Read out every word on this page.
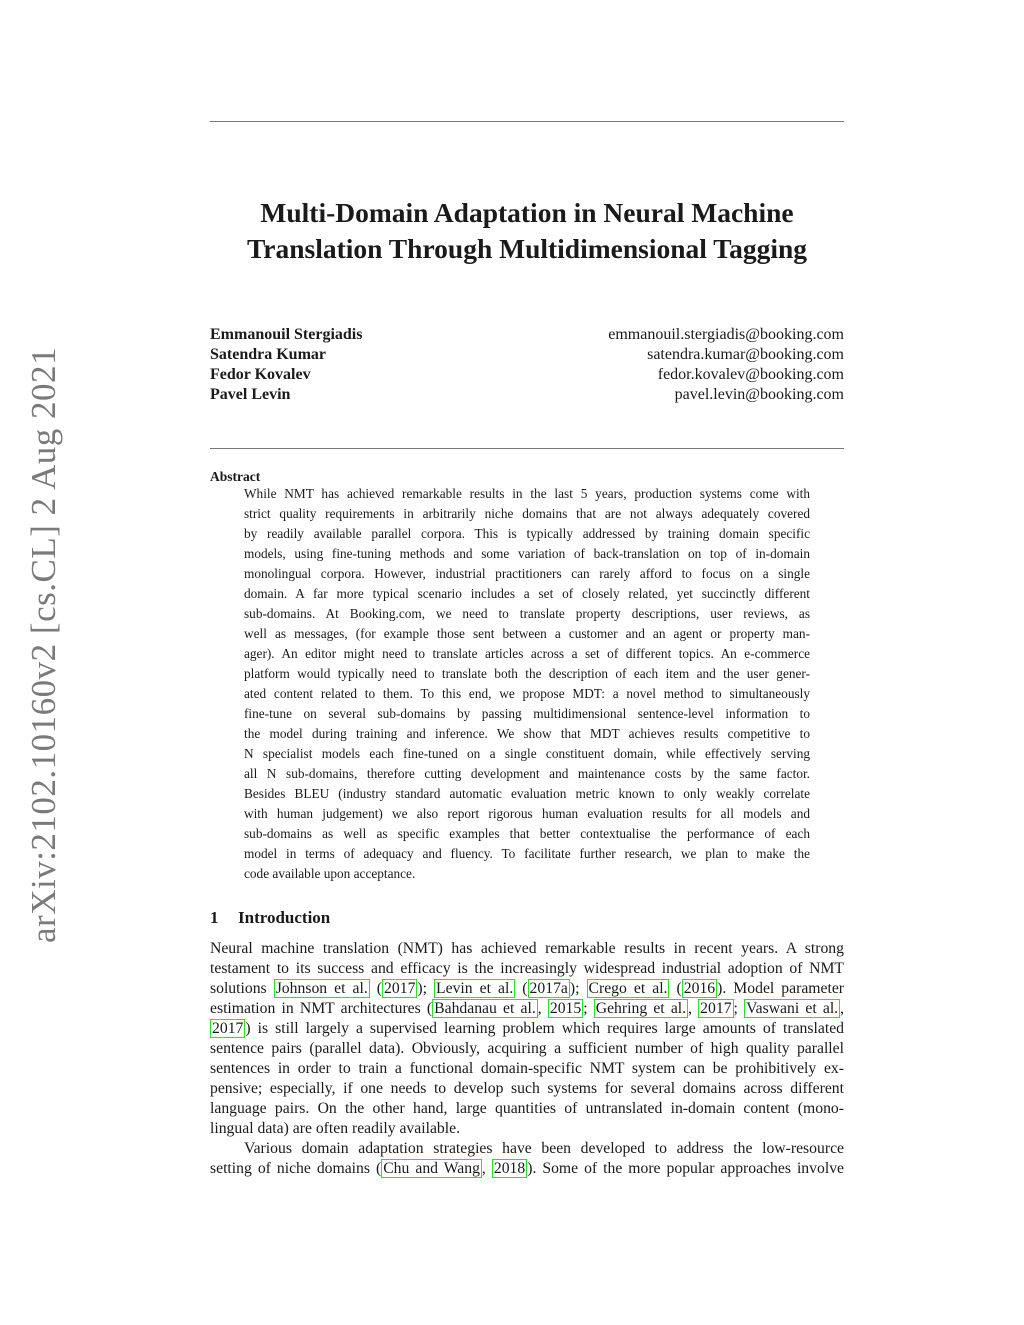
arXiv:2102.10160v2 [cs.CL] 2 Aug 2021
Multi-Domain Adaptation in Neural Machine
Translation Through Multidimensional Tagging
Emmanouil Stergiadis	emmanouil.stergiadis@booking.com
Satendra Kumar	satendra.kumar@booking.com
Fedor Kovalev	fedor.kovalev@booking.com
Pavel Levin	pavel.levin@booking.com
Abstract
While NMT has achieved remarkable results in the last 5 years, production systems come with
strict quality requirements in arbitrarily niche domains that are not always adequately covered
by readily available parallel corpora. This is typically addressed by training domain specific
models, using fine-tuning methods and some variation of back-translation on top of in-domain
monolingual corpora. However, industrial practitioners can rarely afford to focus on a single
domain. A far more typical scenario includes a set of closely related, yet succinctly different
sub-domains. At Booking.com, we need to translate property descriptions, user reviews, as
well as messages, (for example those sent between a customer and an agent or property man-
ager). An editor might need to translate articles across a set of different topics. An e-commerce
platform would typically need to translate both the description of each item and the user gener-
ated content related to them. To this end, we propose MDT: a novel method to simultaneously
fine-tune on several sub-domains by passing multidimensional sentence-level information to
the model during training and inference. We show that MDT achieves results competitive to
N specialist models each fine-tuned on a single constituent domain, while effectively serving
all N sub-domains, therefore cutting development and maintenance costs by the same factor.
Besides BLEU (industry standard automatic evaluation metric known to only weakly correlate
with human judgement) we also report rigorous human evaluation results for all models and
sub-domains as well as specific examples that better contextualise the performance of each
model in terms of adequacy and fluency. To facilitate further research, we plan to make the
code available upon acceptance.
1 Introduction
Neural machine translation (NMT) has achieved remarkable results in recent years. A strong
testament to its success and efficacy is the increasingly widespread industrial adoption of NMT
solutions Johnson et al. ( 2017 ); Levin et al. ( 2017a ); Crego et al. ( 2016 ). Model parameter
estimation in NMT architectures ( Bahdanau et al. , 2015 ; Gehring et al. , 2017 ; Vaswani et al. ,
2017 ) is still largely a supervised learning problem which requires large amounts of translated
sentence pairs (parallel data). Obviously, acquiring a sufficient number of high quality parallel
sentences in order to train a functional domain-specific NMT system can be prohibitively ex-
pensive; especially, if one needs to develop such systems for several domains across different
language pairs. On the other hand, large quantities of untranslated in-domain content (mono-
lingual data) are often readily available.
Various domain adaptation strategies have been developed to address the low-resource
setting of niche domains ( Chu and Wang , 2018 ). Some of the more popular approaches involve
